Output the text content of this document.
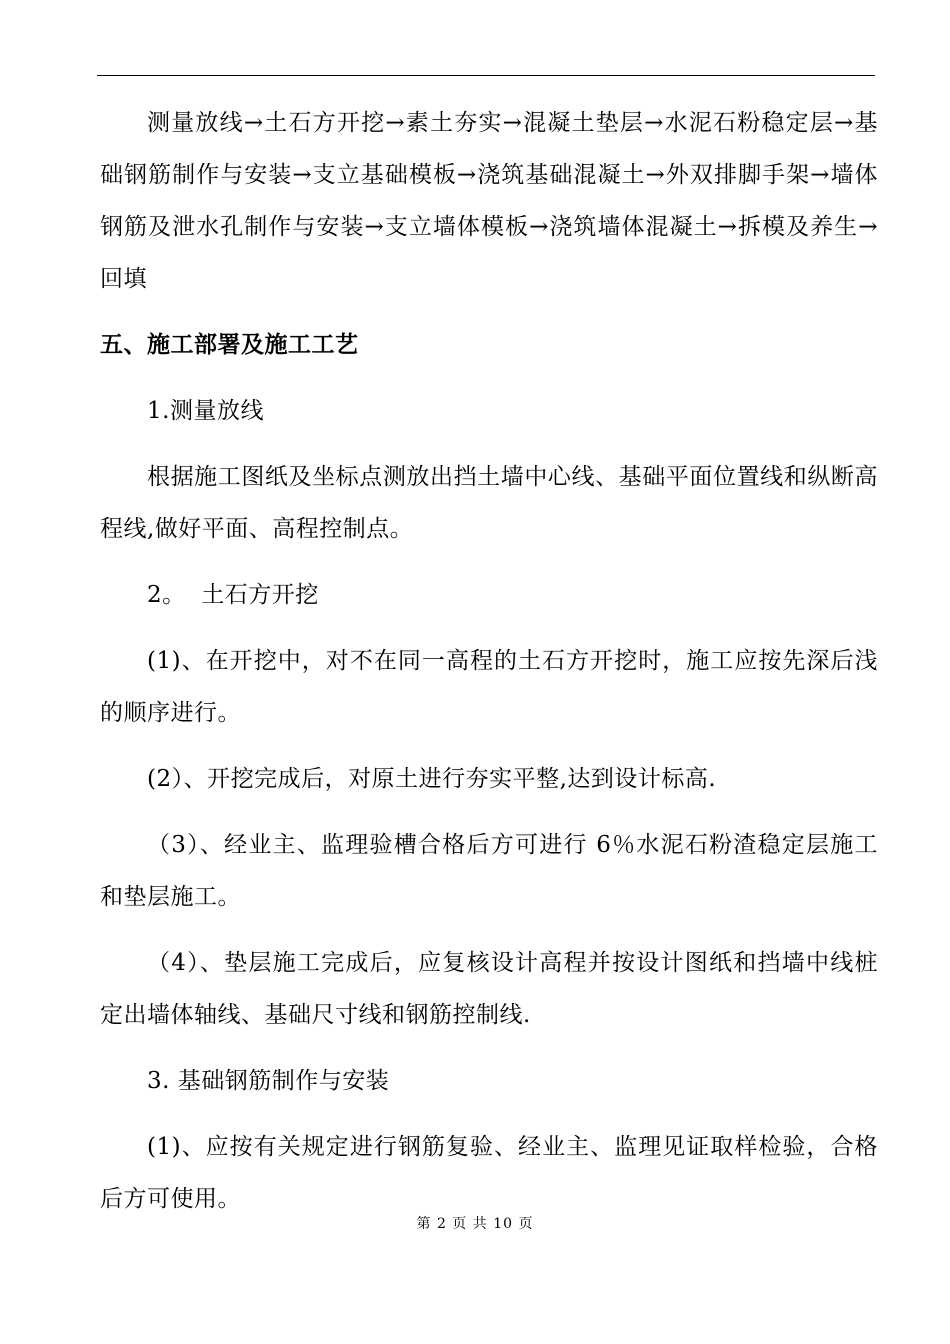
测量放线→土石方开挖→素土夯实→混凝土垫层→水泥石粉稳定层→基础钢筋制作与安装→支立基础模板→浇筑基础混凝土→外双排脚手架→墙体钢筋及泄水孔制作与安装→支立墙体模板→浇筑墙体混凝土→拆模及养生→回填

五、施工部署及施工工艺

1.测量放线

根据施工图纸及坐标点测放出挡土墙中心线、基础平面位置线和纵断高程线,做好平面、高程控制点。

2。  土石方开挖

(1)、在开挖中，对不在同一高程的土石方开挖时，施工应按先深后浅的顺序进行。

(2）、开挖完成后，对原土进行夯实平整,达到设计标高.

（3）、经业主、监理验槽合格后方可进行 6％水泥石粉渣稳定层施工和垫层施工。

（4）、垫层施工完成后，应复核设计高程并按设计图纸和挡墙中线桩定出墙体轴线、基础尺寸线和钢筋控制线.

3. 基础钢筋制作与安装

(1)、应按有关规定进行钢筋复验、经业主、监理见证取样检验，合格后方可使用。

第 2 页 共 10 页
